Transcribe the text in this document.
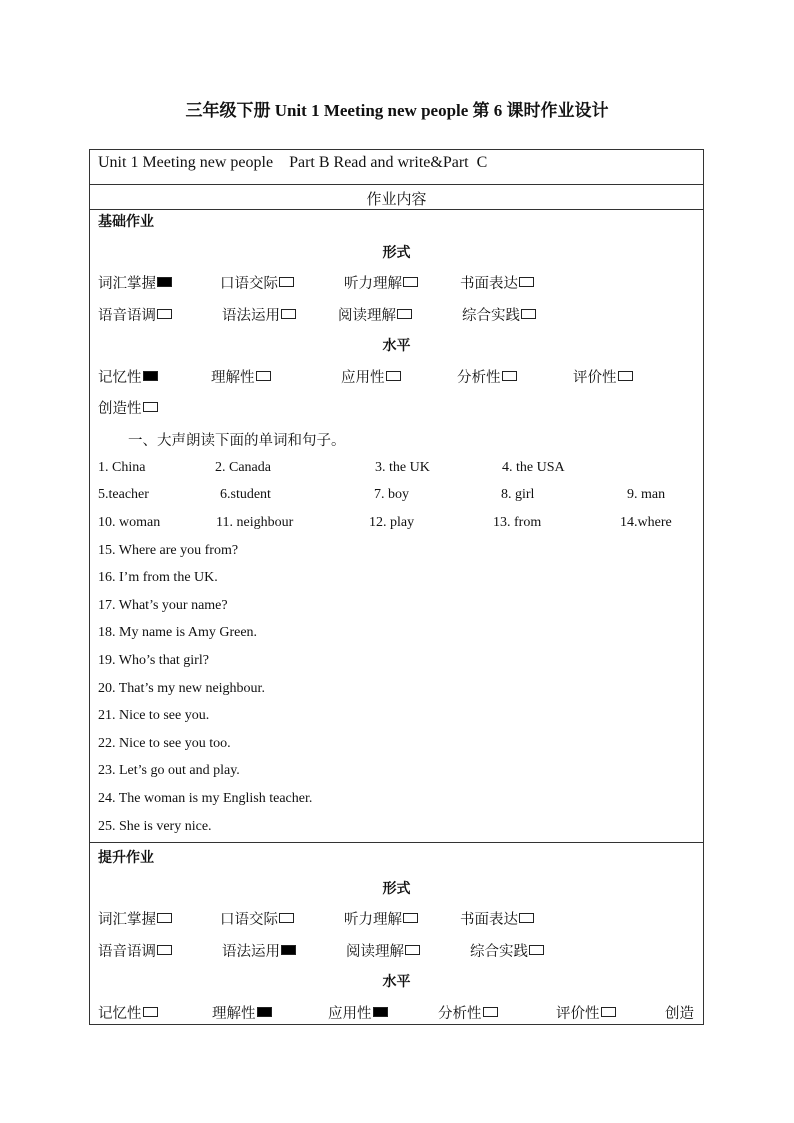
三年级下册 Unit 1 Meeting new people 第 6 课时作业设计
Unit 1 Meeting new people    Part B Read and write&Part  C
作业内容
基础作业
形式
词汇掌握	口语交际	听力理解	书面表达
语音语调	语法运用	阅读理解	综合实践
水平
记忆性	理解性	应用性	分析性	评价性
创造性
一、大声朗读下面的单词和句子。
1. China	2. Canada	3. the UK	4. the USA
5.teacher	6.student	7. boy	8. girl	9. man
10. woman	11. neighbour	12. play	13. from	14.where
15. Where are you from?
16. I’m from the UK.
17. What’s your name?
18. My name is Amy Green.
19. Who’s that girl?
20. That’s my new neighbour.
21. Nice to see you.
22. Nice to see you too.
23. Let’s go out and play.
24. The woman is my English teacher.
25. She is very nice.
提升作业
形式
词汇掌握	口语交际	听力理解	书面表达
语音语调	语法运用	阅读理解	综合实践
水平
记忆性	理解性	应用性	分析性	评价性	创造
